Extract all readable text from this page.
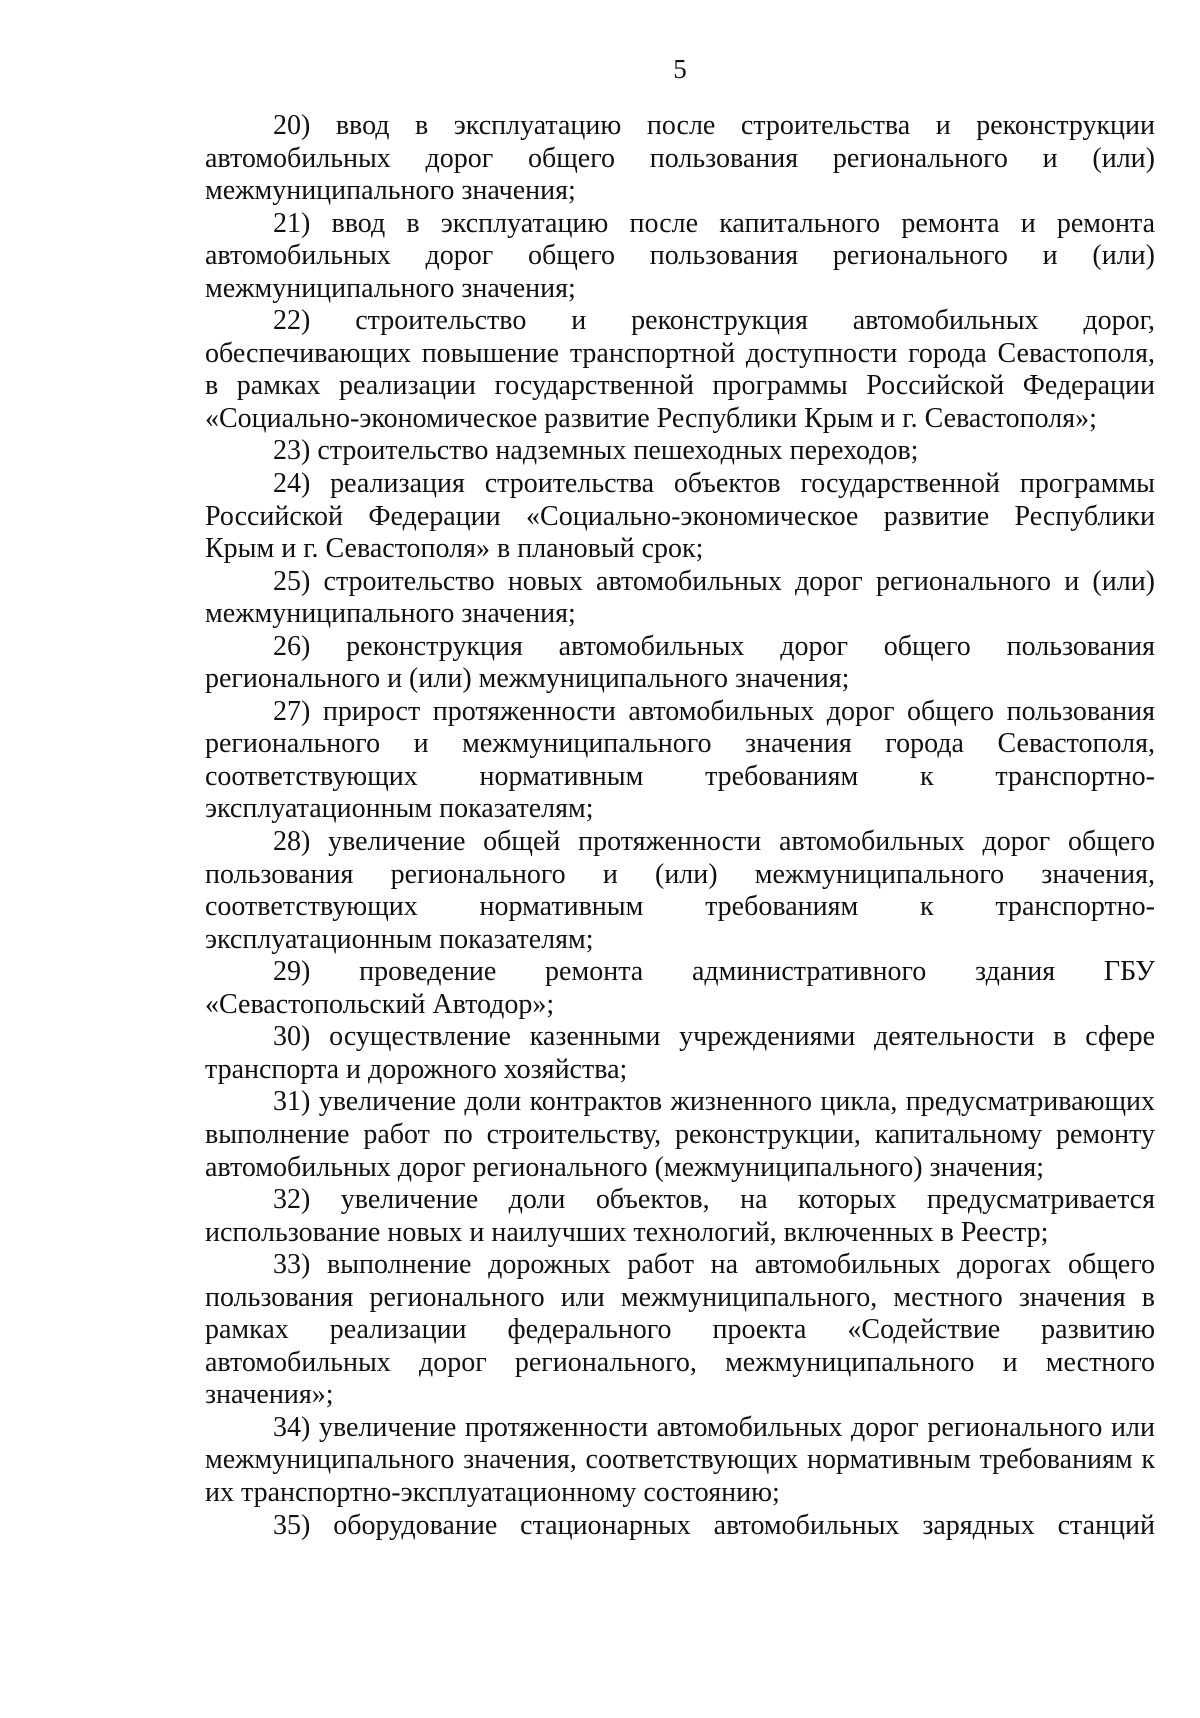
5

20) ввод в эксплуатацию после строительства и реконструкции автомобильных дорог общего пользования регионального и (или) межмуниципального значения;

21) ввод в эксплуатацию после капитального ремонта и ремонта автомобильных дорог общего пользования регионального и (или) межмуниципального значения;

22) строительство и реконструкция автомобильных дорог, обеспечивающих повышение транспортной доступности города Севастополя, в рамках реализации государственной программы Российской Федерации «Социально-экономическое развитие Республики Крым и г. Севастополя»;

23) строительство надземных пешеходных переходов;

24) реализация строительства объектов государственной программы Российской Федерации «Социально-экономическое развитие Республики Крым и г. Севастополя» в плановый срок;

25) строительство новых автомобильных дорог регионального и (или) межмуниципального значения;

26) реконструкция автомобильных дорог общего пользования регионального и (или) межмуниципального значения;

27) прирост протяженности автомобильных дорог общего пользования регионального и межмуниципального значения города Севастополя, соответствующих нормативным требованиям к транспортно-эксплуатационным показателям;

28) увеличение общей протяженности автомобильных дорог общего пользования регионального и (или) межмуниципального значения, соответствующих нормативным требованиям к транспортно-эксплуатационным показателям;

29) проведение ремонта административного здания ГБУ «Севастопольский Автодор»;

30) осуществление казенными учреждениями деятельности в сфере транспорта и дорожного хозяйства;

31) увеличение доли контрактов жизненного цикла, предусматривающих выполнение работ по строительству, реконструкции, капитальному ремонту автомобильных дорог регионального (межмуниципального) значения;

32) увеличение доли объектов, на которых предусматривается использование новых и наилучших технологий, включенных в Реестр;

33) выполнение дорожных работ на автомобильных дорогах общего пользования регионального или межмуниципального, местного значения в рамках реализации федерального проекта «Содействие развитию автомобильных дорог регионального, межмуниципального и местного значения»;

34) увеличение протяженности автомобильных дорог регионального или межмуниципального значения, соответствующих нормативным требованиям к их транспортно-эксплуатационному состоянию;

35) оборудование стационарных автомобильных зарядных станций
